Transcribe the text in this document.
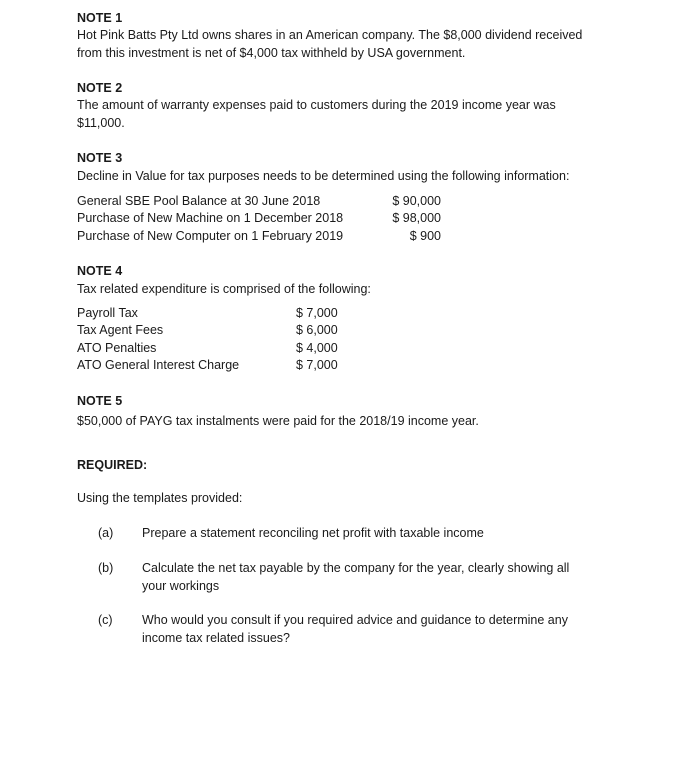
NOTE 1
Hot Pink Batts Pty Ltd owns shares in an American company. The $8,000 dividend received
from this investment is net of $4,000 tax withheld by USA government.
NOTE 2
The amount of warranty expenses paid to customers during the 2019 income year was
$11,000.
NOTE 3
Decline in Value for tax purposes needs to be determined using the following information:
General SBE Pool Balance at 30 June 2018	$ 90,000
Purchase of New Machine on 1 December 2018	$ 98,000
Purchase of New Computer on 1 February 2019	$ 900
NOTE 4
Tax related expenditure is comprised of the following:
Payroll Tax	$ 7,000
Tax Agent Fees	$ 6,000
ATO Penalties	$ 4,000
ATO General Interest Charge	$ 7,000
NOTE 5
$50,000 of PAYG tax instalments were paid for the 2018/19 income year.
REQUIRED:
Using the templates provided:
(a) Prepare a statement reconciling net profit with taxable income
(b) Calculate the net tax payable by the company for the year, clearly showing all
your workings
(c) Who would you consult if you required advice and guidance to determine any
income tax related issues?
